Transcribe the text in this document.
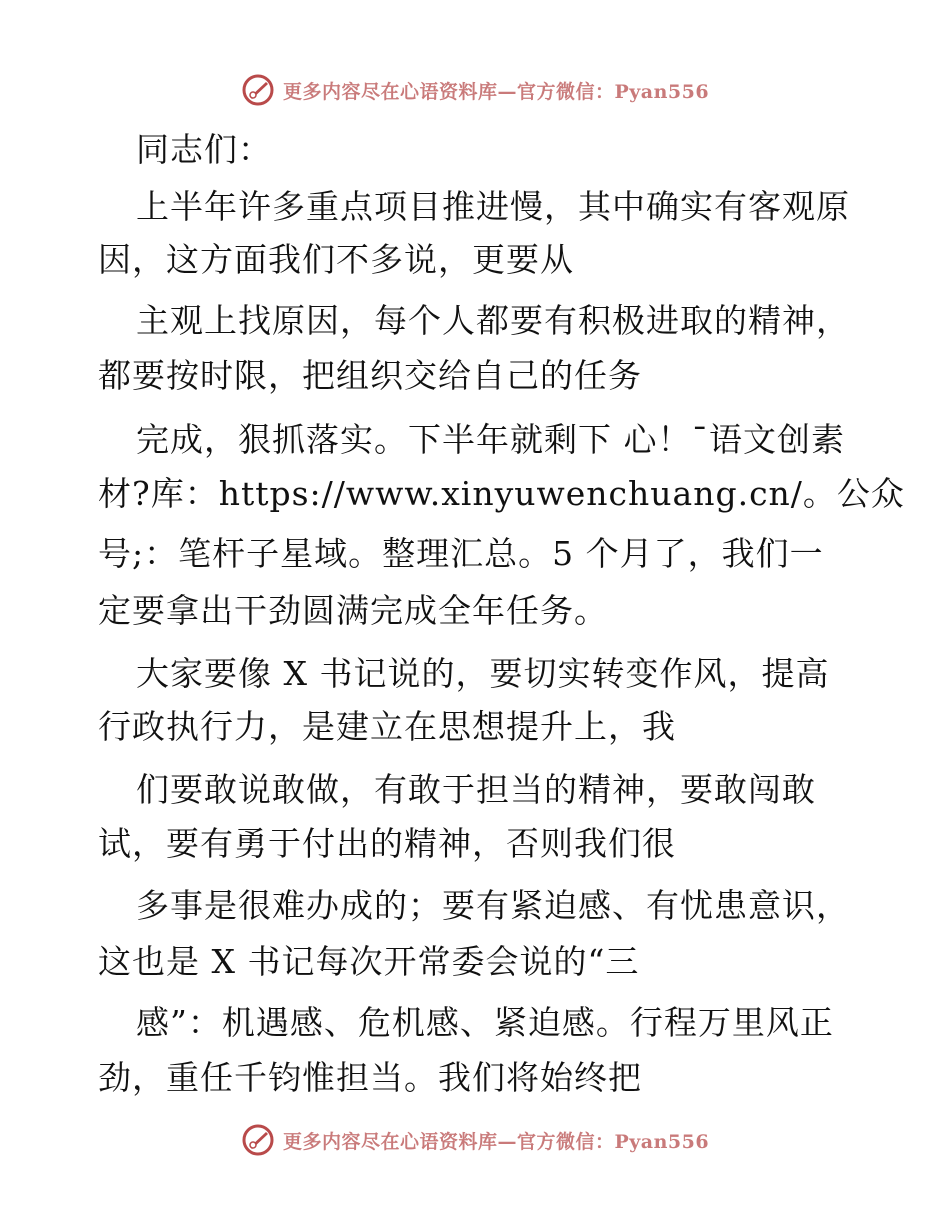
更多内容尽在心语资料库—官方微信：Pyan556
同志们：
上半年许多重点项目推进慢，其中确实有客观原
因，这方面我们不多说，更要从
主观上找原因，每个人都要有积极进取的精神，
都要按时限，把组织交给自己的任务
完成，狠抓落实。下半年就剩下 心！¯语文创素
材?库：https://www.xinyuwenchuang.cn/。公众
号;：笔杆子星域。整理汇总。5 个月了，我们一
定要拿出干劲圆满完成全年任务。
大家要像 X 书记说的，要切实转变作风，提高
行政执行力，是建立在思想提升上，我
们要敢说敢做，有敢于担当的精神，要敢闯敢
试，要有勇于付出的精神，否则我们很
多事是很难办成的；要有紧迫感、有忧患意识，
这也是 X 书记每次开常委会说的“三
感”：机遇感、危机感、紧迫感。行程万里风正
劲，重任千钧惟担当。我们将始终把
更多内容尽在心语资料库—官方微信：Pyan556
